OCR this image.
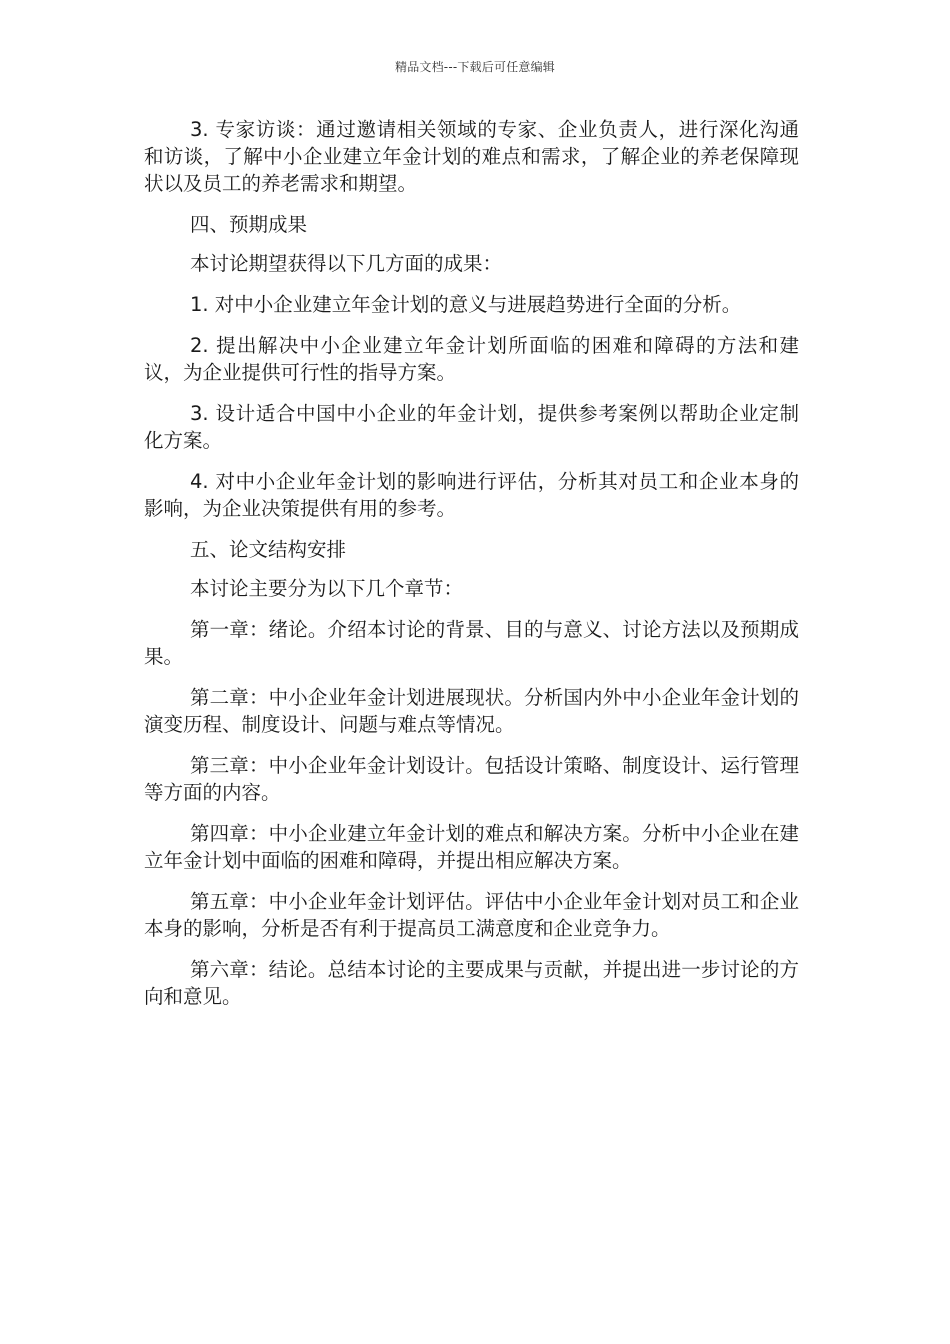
精品文档---下载后可任意编辑

3. 专家访谈：通过邀请相关领域的专家、企业负责人，进行深化沟通和访谈，了解中小企业建立年金计划的难点和需求，了解企业的养老保障现状以及员工的养老需求和期望。

四、预期成果

本讨论期望获得以下几方面的成果：

1. 对中小企业建立年金计划的意义与进展趋势进行全面的分析。

2. 提出解决中小企业建立年金计划所面临的困难和障碍的方法和建议，为企业提供可行性的指导方案。

3. 设计适合中国中小企业的年金计划，提供参考案例以帮助企业定制化方案。

4. 对中小企业年金计划的影响进行评估，分析其对员工和企业本身的影响，为企业决策提供有用的参考。

五、论文结构安排

本讨论主要分为以下几个章节：

第一章：绪论。介绍本讨论的背景、目的与意义、讨论方法以及预期成果。

第二章：中小企业年金计划进展现状。分析国内外中小企业年金计划的演变历程、制度设计、问题与难点等情况。

第三章：中小企业年金计划设计。包括设计策略、制度设计、运行管理等方面的内容。

第四章：中小企业建立年金计划的难点和解决方案。分析中小企业在建立年金计划中面临的困难和障碍，并提出相应解决方案。

第五章：中小企业年金计划评估。评估中小企业年金计划对员工和企业本身的影响，分析是否有利于提高员工满意度和企业竞争力。

第六章：结论。总结本讨论的主要成果与贡献，并提出进一步讨论的方向和意见。
